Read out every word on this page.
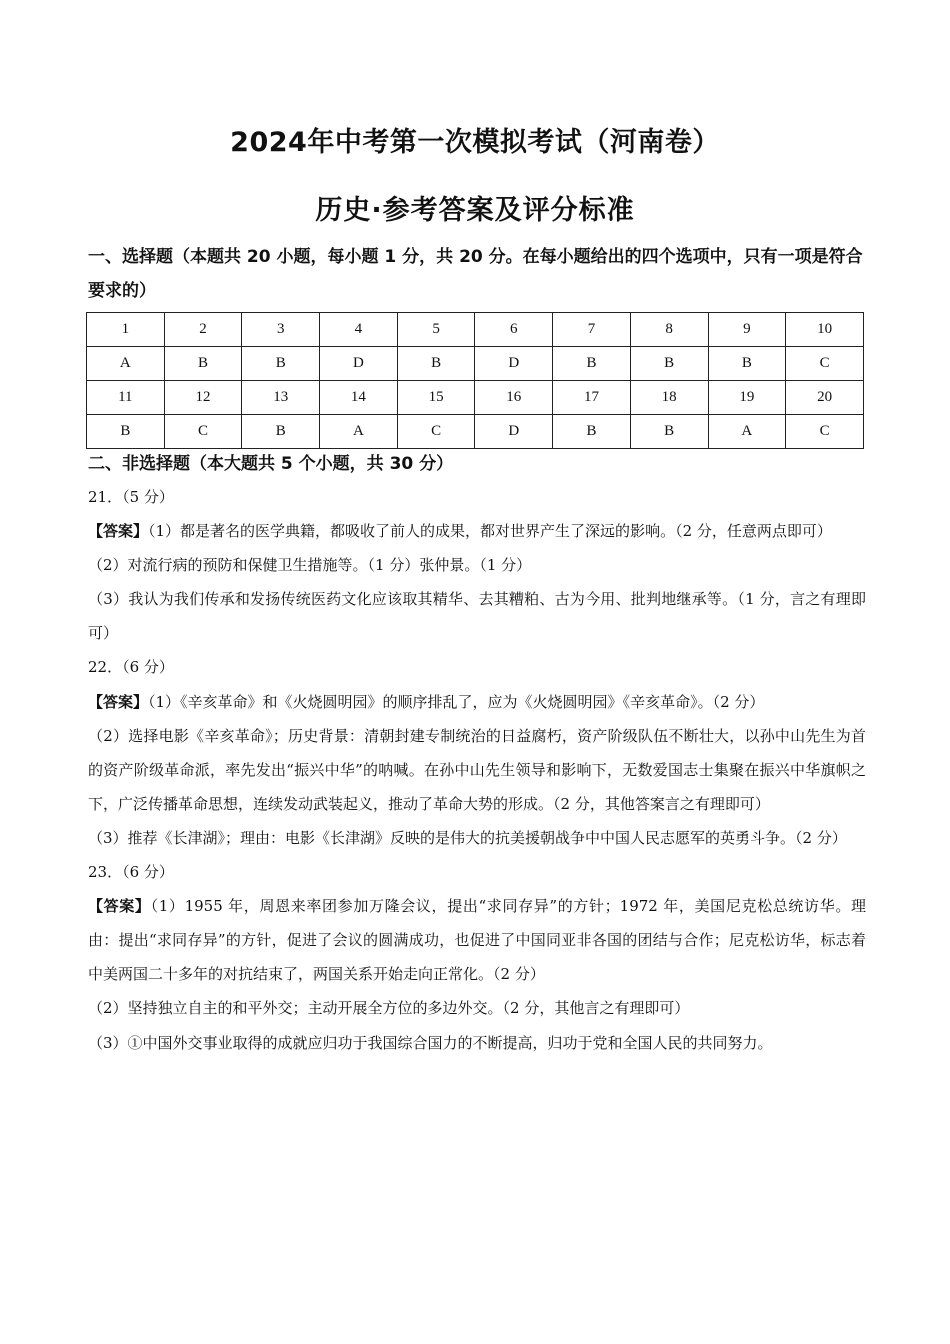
2024年中考第一次模拟考试（河南卷）
历史·参考答案及评分标准
一、选择题（本题共 20 小题，每小题 1 分，共 20 分。在每小题给出的四个选项中，只有一项是符合要求的）
1	2	3	4	5	6	7	8	9	10
A	B	B	D	B	D	B	B	B	C
11	12	13	14	15	16	17	18	19	20
B	C	B	A	C	D	B	B	A	C
二、非选择题（本大题共 5 个小题，共 30 分）

21．（5 分）

【答案】（1）都是著名的医学典籍，都吸收了前人的成果，都对世界产生了深远的影响。（2 分，任意两点即可）

（2）对流行病的预防和保健卫生措施等。（1 分）张仲景。（1 分）

（3）我认为我们传承和发扬传统医药文化应该取其精华、去其糟粕、古为今用、批判地继承等。（1 分，言之有理即可）

22．（6 分）

【答案】（1）《辛亥革命》和《火烧圆明园》的顺序排乱了，应为《火烧圆明园》《辛亥革命》。（2 分）

（2）选择电影《辛亥革命》；历史背景：清朝封建专制统治的日益腐朽，资产阶级队伍不断壮大，以孙中山先生为首的资产阶级革命派，率先发出“振兴中华”的呐喊。在孙中山先生领导和影响下，无数爱国志士集聚在振兴中华旗帜之下，广泛传播革命思想，连续发动武装起义，推动了革命大势的形成。（2 分，其他答案言之有理即可）

（3）推荐《长津湖》；理由：电影《长津湖》反映的是伟大的抗美援朝战争中中国人民志愿军的英勇斗争。（2 分）

23．（6 分）

【答案】（1）1955 年，周恩来率团参加万隆会议，提出“求同存异”的方针；1972 年，美国尼克松总统访华。理由：提出“求同存异”的方针，促进了会议的圆满成功，也促进了中国同亚非各国的团结与合作；尼克松访华，标志着中美两国二十多年的对抗结束了，两国关系开始走向正常化。（2 分）

（2）坚持独立自主的和平外交；主动开展全方位的多边外交。（2 分，其他言之有理即可）

（3）①中国外交事业取得的成就应归功于我国综合国力的不断提高，归功于党和全国人民的共同努力。
